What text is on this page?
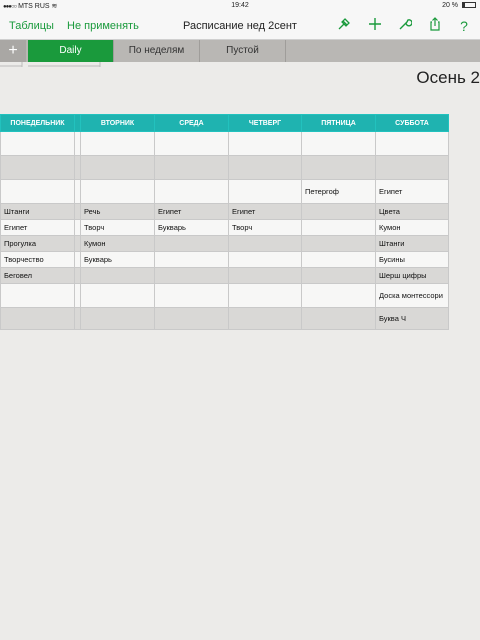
●●●○○ MTS RUS ≋	19:42	20 %
Таблицы Не применять	Расписание нед 2сент	?
+	Daily	По неделям	Пустой
Осень 2
ПОНЕДЕЛЬНИК		ВТОРНИК	СРЕДА	ЧЕТВЕРГ	ПЯТНИЦА	СУББОТА

					Петергоф	Египет
Штанги		Речь	Египет	Египет		Цвета
Египет		Творч	Букварь	Творч		Кумон
Прогулка		Кумон				Штанги
Творчество		Букварь				Бусины
Беговел						Шерш цифры
						Доска монтессори
						Буква Ч
